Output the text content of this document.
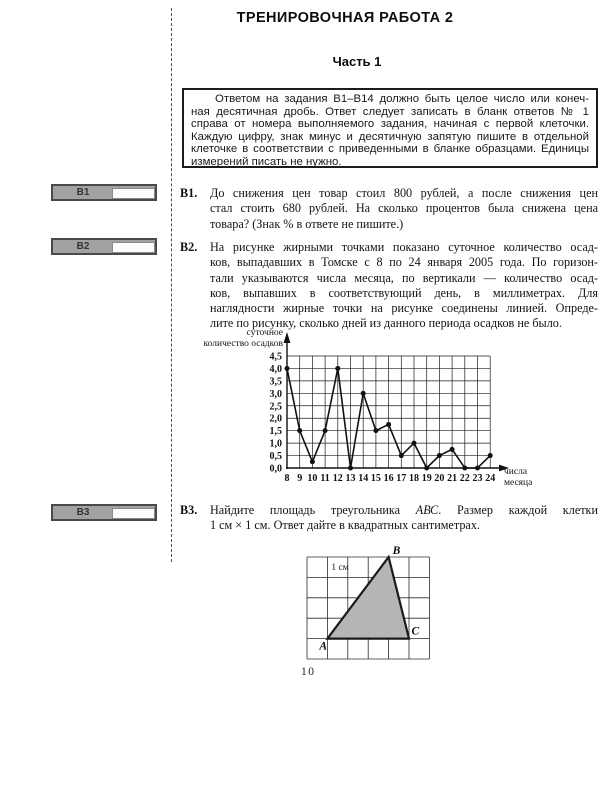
ТРЕНИРОВОЧНАЯ РАБОТА 2
Часть 1
Ответом на задания В1–В14 должно быть целое число или конеч-
ная десятичная дробь. Ответ следует записать в бланк ответов № 1
справа от номера выполняемого задания, начиная с первой клеточки.
Каждую цифру, знак минус и десятичную запятую пишите в отдельной
клеточке в соответствии с приведенными в бланке образцами. Единицы
измерений писать не нужно.
В1
В2
В3
В1. До снижения цен товар стоил 800 рублей, а после снижения цен
стал стоить 680 рублей. На сколько процентов была снижена цена
товара? (Знак % в ответе не пишите.)
В2. На рисунке жирными точками показано суточное количество осад-
ков, выпадавших в Томске с 8 по 24 января 2005 года. По горизон-
тали указываются числа месяца, по вертикали — количество осад-
ков, выпавших в соответствующий день, в миллиметрах. Для
наглядности жирные точки на рисунке соединены линией. Опреде-
лите по рисунку, сколько дней из данного периода осадков не было.
суточное
количество осадков
0,0
0,5
1,0
1,5
2,0
2,5
3,0
3,5
4,0
4,5
8 9 10 11 12 13 14 15 16 17 18 19 20 21 22 23 24
числа
месяца
В3. Найдите площадь треугольника АВС. Размер каждой клетки
1 см × 1 см. Ответ дайте в квадратных сантиметрах.
А
В
С
1 см
10
